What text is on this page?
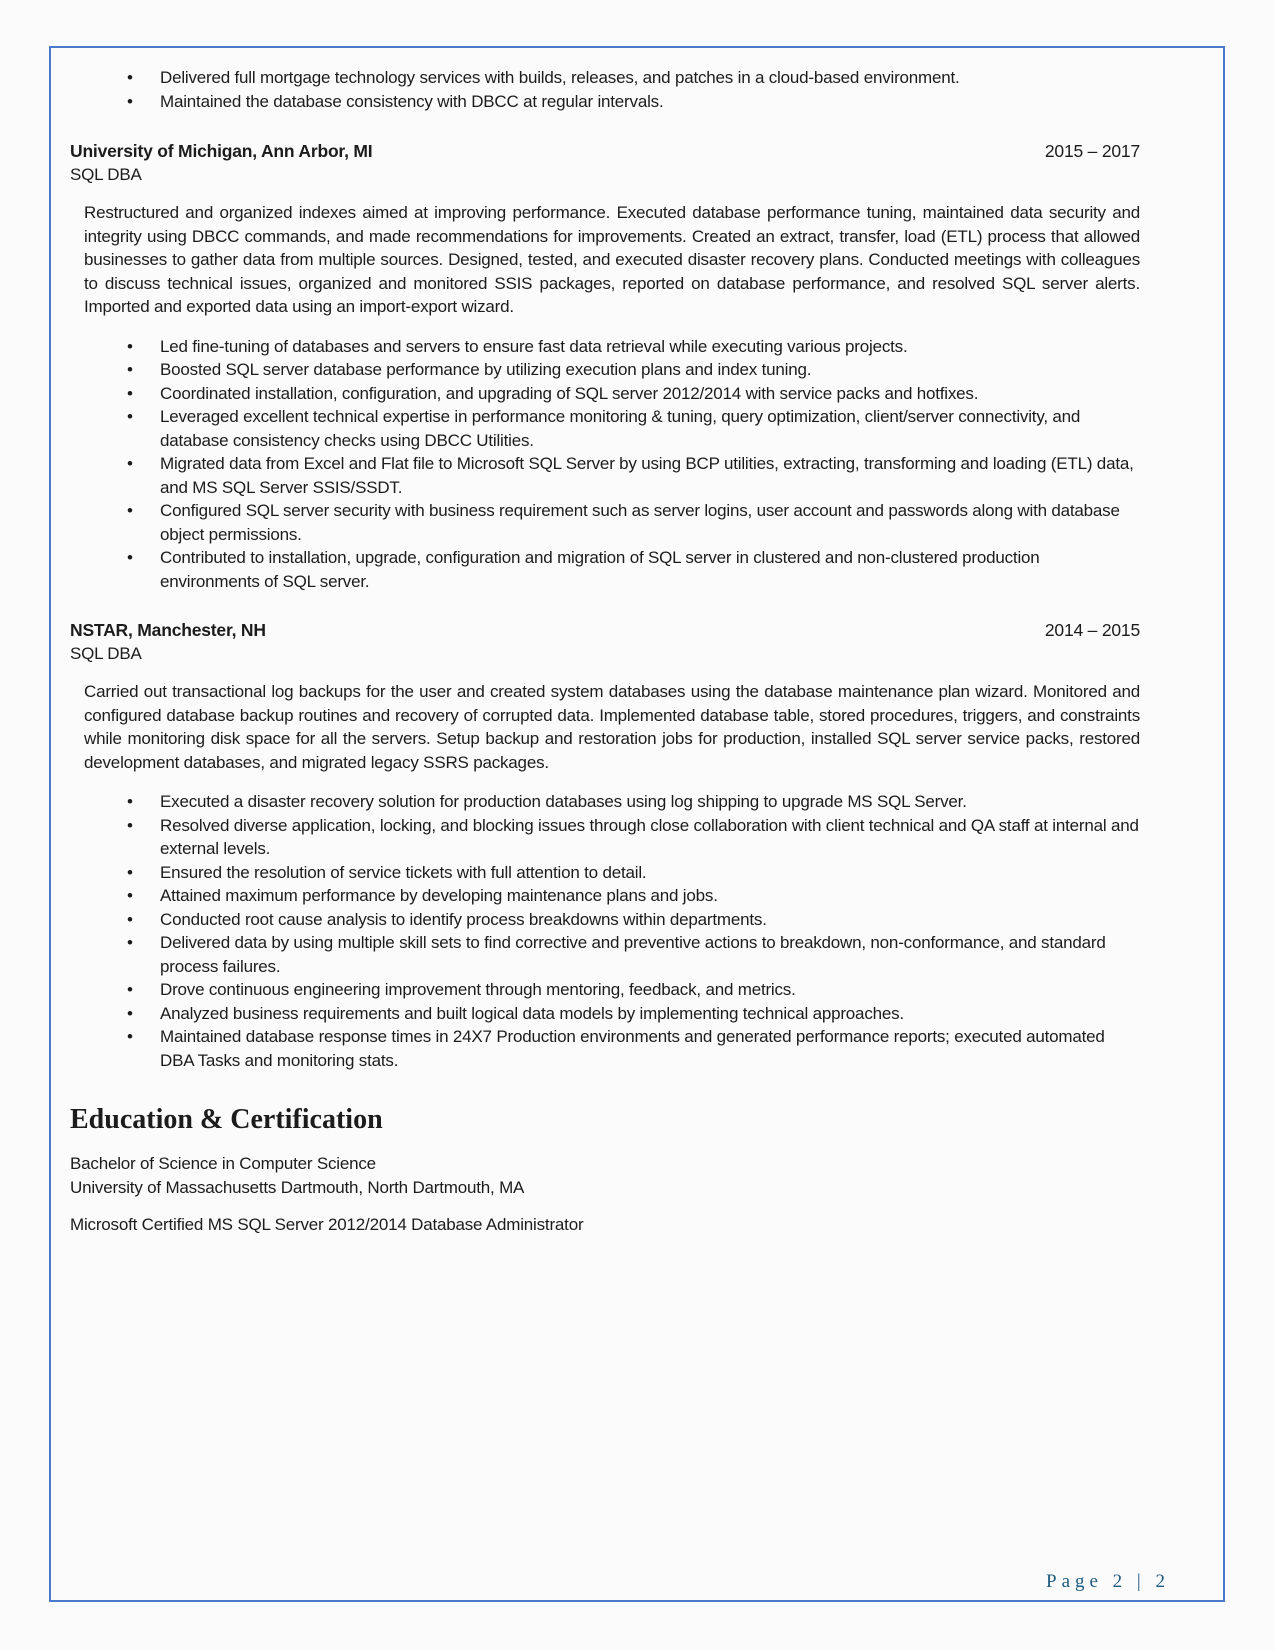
• Delivered full mortgage technology services with builds, releases, and patches in a cloud-based environment.
• Maintained the database consistency with DBCC at regular intervals.
University of Michigan, Ann Arbor, MI	2015 – 2017
SQL DBA

Restructured and organized indexes aimed at improving performance. Executed database performance tuning, maintained data security and integrity using DBCC commands, and made recommendations for improvements. Created an extract, transfer, load (ETL) process that allowed businesses to gather data from multiple sources. Designed, tested, and executed disaster recovery plans. Conducted meetings with colleagues to discuss technical issues, organized and monitored SSIS packages, reported on database performance, and resolved SQL server alerts. Imported and exported data using an import-export wizard.

• Led fine-tuning of databases and servers to ensure fast data retrieval while executing various projects.
• Boosted SQL server database performance by utilizing execution plans and index tuning.
• Coordinated installation, configuration, and upgrading of SQL server 2012/2014 with service packs and hotfixes.
• Leveraged excellent technical expertise in performance monitoring & tuning, query optimization, client/server connectivity, and database consistency checks using DBCC Utilities.
• Migrated data from Excel and Flat file to Microsoft SQL Server by using BCP utilities, extracting, transforming and loading (ETL) data, and MS SQL Server SSIS/SSDT.
• Configured SQL server security with business requirement such as server logins, user account and passwords along with database object permissions.
• Contributed to installation, upgrade, configuration and migration of SQL server in clustered and non-clustered production environments of SQL server.
NSTAR, Manchester, NH	2014 – 2015
SQL DBA

Carried out transactional log backups for the user and created system databases using the database maintenance plan wizard. Monitored and configured database backup routines and recovery of corrupted data. Implemented database table, stored procedures, triggers, and constraints while monitoring disk space for all the servers. Setup backup and restoration jobs for production, installed SQL server service packs, restored development databases, and migrated legacy SSRS packages.

• Executed a disaster recovery solution for production databases using log shipping to upgrade MS SQL Server.
• Resolved diverse application, locking, and blocking issues through close collaboration with client technical and QA staff at internal and external levels.
• Ensured the resolution of service tickets with full attention to detail.
• Attained maximum performance by developing maintenance plans and jobs.
• Conducted root cause analysis to identify process breakdowns within departments.
• Delivered data by using multiple skill sets to find corrective and preventive actions to breakdown, non-conformance, and standard process failures.
• Drove continuous engineering improvement through mentoring, feedback, and metrics.
• Analyzed business requirements and built logical data models by implementing technical approaches.
• Maintained database response times in 24X7 Production environments and generated performance reports; executed automated DBA Tasks and monitoring stats.
Education & Certification
Bachelor of Science in Computer Science
University of Massachusetts Dartmouth, North Dartmouth, MA
Microsoft Certified MS SQL Server 2012/2014 Database Administrator
Page 2 | 2
